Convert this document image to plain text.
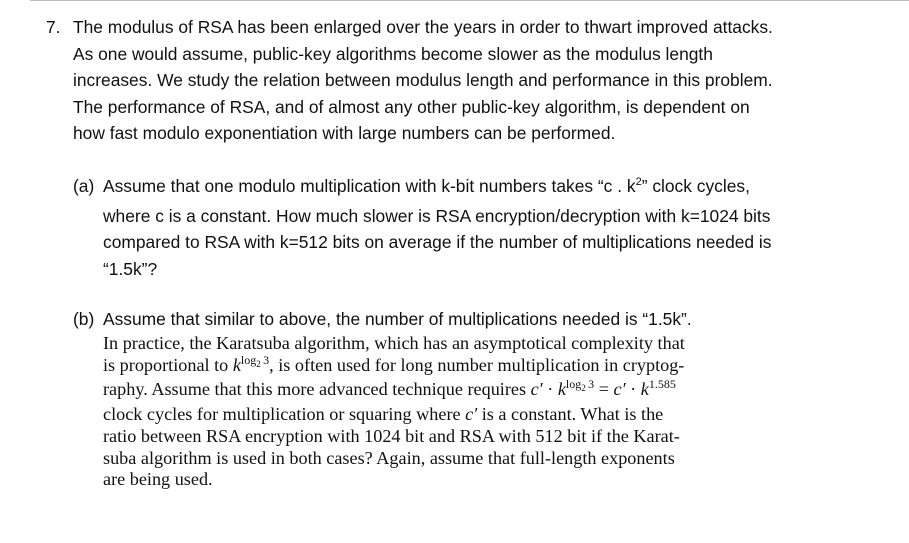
7. The modulus of RSA has been enlarged over the years in order to thwart improved attacks.
As one would assume, public-key algorithms become slower as the modulus length
increases. We study the relation between modulus length and performance in this problem.
The performance of RSA, and of almost any other public-key algorithm, is dependent on
how fast modulo exponentiation with large numbers can be performed.
(a) Assume that one modulo multiplication with k-bit numbers takes “c . $k^2$” clock cycles,
where c is a constant. How much slower is RSA encryption/decryption with k=1024 bits
compared to RSA with k=512 bits on average if the number of multiplications needed is
“1.5k”?
(b) Assume that similar to above, the number of multiplications needed is “1.5k”.
In practice, the Karatsuba algorithm, which has an asymptotical complexity that
is proportional to $k^{log_2 3}$, is often used for long number multiplication in cryptog-
raphy. Assume that this more advanced technique requires $c' \cdot k^{log_2 3} = c' \cdot k^{1.585}$
clock cycles for multiplication or squaring where c′ is a constant. What is the
ratio between RSA encryption with 1024 bit and RSA with 512 bit if the Karat-
suba algorithm is used in both cases? Again, assume that full-length exponents
are being used.
